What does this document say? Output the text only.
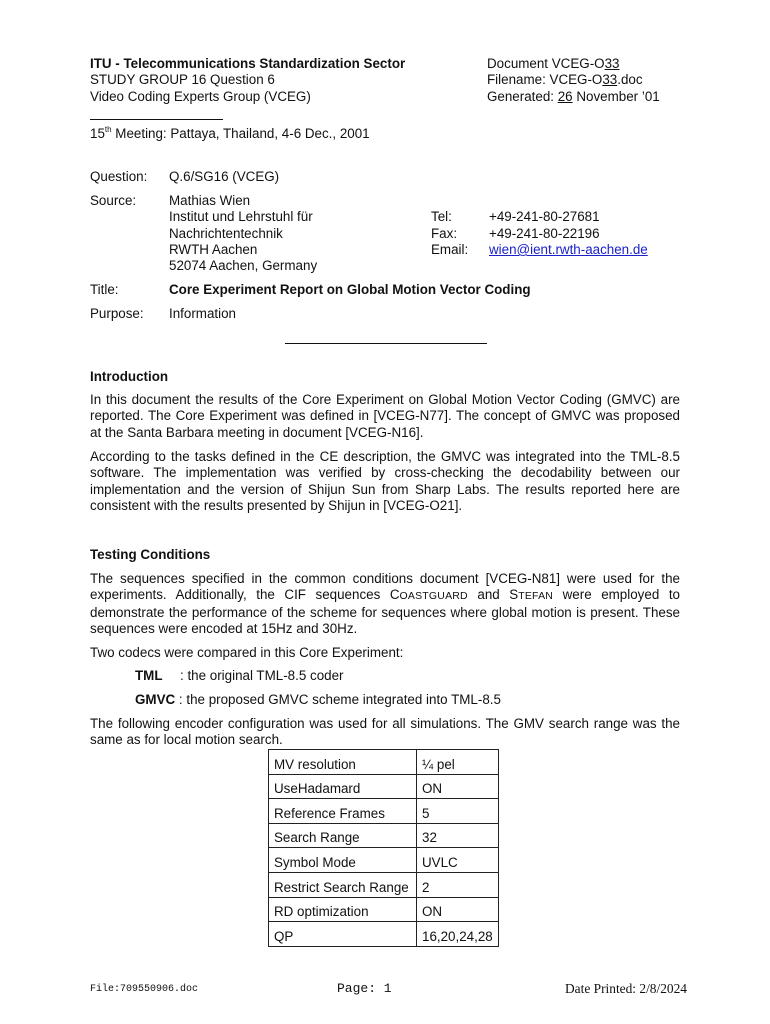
ITU - Telecommunications Standardization Sector
STUDY GROUP 16 Question 6
Video Coding Experts Group (VCEG)
Document VCEG-O33
Filename: VCEG-O33.doc
Generated: 26 November ’01
15th Meeting: Pattaya, Thailand, 4-6 Dec., 2001
Question: Q.6/SG16 (VCEG)
Source: Mathias Wien
Institut und Lehrstuhl für
Nachrichtentechnik
RWTH Aachen
52074 Aachen, Germany
Tel:	+49-241-80-27681
Fax: +49-241-80-22196
Email: wien@ient.rwth-aachen.de
Title:	Core Experiment Report on Global Motion Vector Coding
Purpose: Information
Introduction
In this document the results of the Core Experiment on Global Motion Vector Coding (GMVC) are reported. The Core Experiment was defined in [VCEG-N77]. The concept of GMVC was proposed at the Santa Barbara meeting in document [VCEG-N16].
According to the tasks defined in the CE description, the GMVC was integrated into the TML-8.5 software. The implementation was verified by cross-checking the decodability between our implementation and the version of Shijun Sun from Sharp Labs. The results reported here are consistent with the results presented by Shijun in [VCEG-O21].
Testing Conditions
The sequences specified in the common conditions document [VCEG-N81] were used for the experiments. Additionally, the CIF sequences COASTGUARD and STEFAN were employed to demonstrate the performance of the scheme for sequences where global motion is present. These sequences were encoded at 15Hz and 30Hz.
Two codecs were compared in this Core Experiment:
TML : the original TML-8.5 coder
GMVC : the proposed GMVC scheme integrated into TML-8.5
The following encoder configuration was used for all simulations. The GMV search range was the same as for local motion search.
MV resolution	¼ pel
UseHadamard	ON
Reference Frames	5
Search Range	32
Symbol Mode	UVLC
Restrict Search Range	2
RD optimization	ON
QP	16,20,24,28
File:709550906.doc	Page: 1	Date Printed: 2/8/2024
